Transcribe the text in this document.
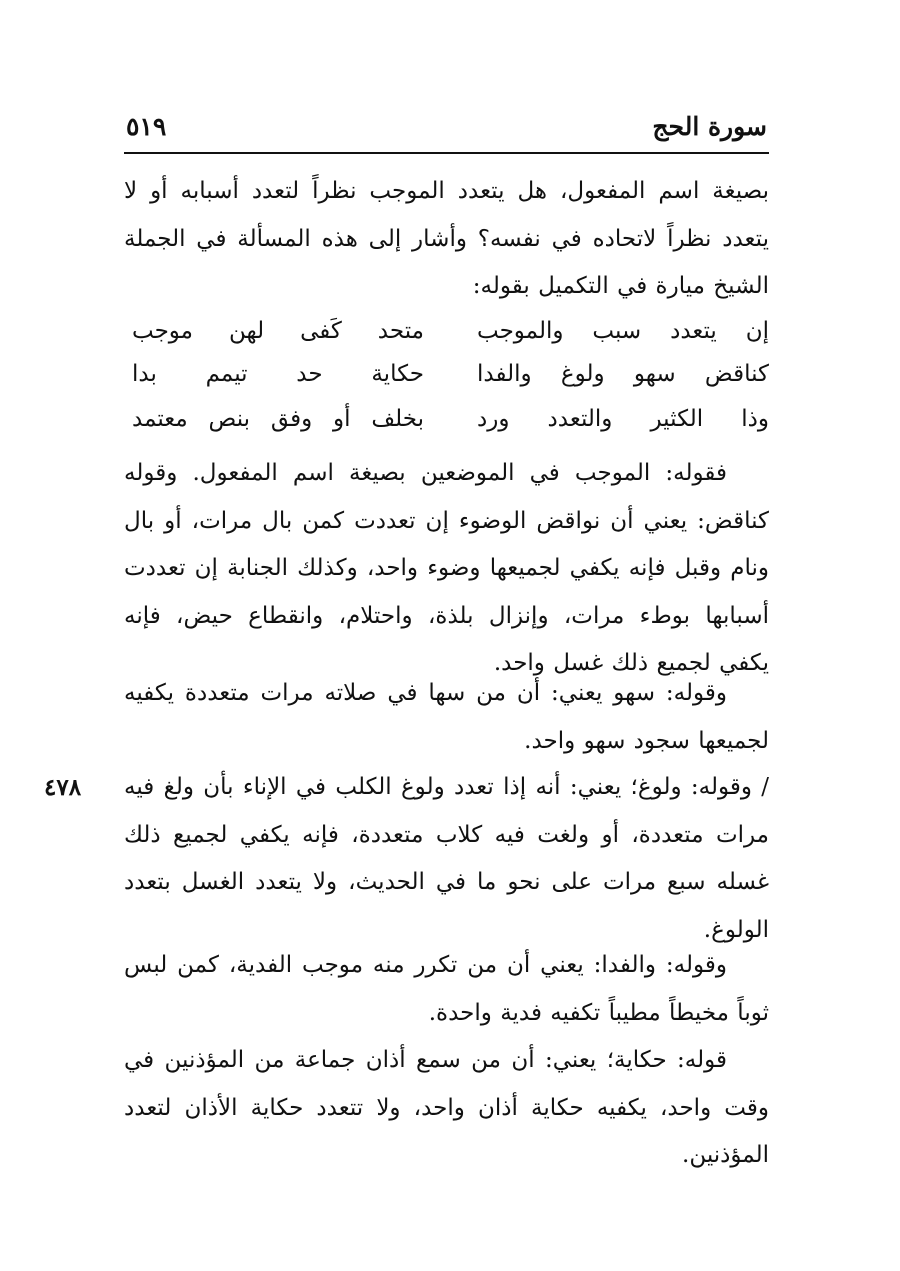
سورة الحج
٥١٩
بصيغة اسم المفعول، هل يتعدد الموجب نظراً لتعدد أسبابه أو لا يتعدد نظراً لاتحاده في نفسه؟ وأشار إلى هذه المسألة في الجملة الشيخ ميارة في التكميل بقوله:
إن يتعدد سبب والموجب
متحد كَفى لهن موجب
كناقض سهو ولوغ والفدا
حكاية حد تيمم بدا
وذا الكثير والتعدد ورد
بخلف أو وفق بنص معتمد
فقوله: الموجب في الموضعين بصيغة اسم المفعول. وقوله كناقض: يعني أن نواقض الوضوء إن تعددت كمن بال مرات، أو بال ونام وقبل فإنه يكفي لجميعها وضوء واحد، وكذلك الجنابة إن تعددت أسبابها بوطء مرات، وإنزال بلذة، واحتلام، وانقطاع حيض، فإنه يكفي لجميع ذلك غسل واحد.
وقوله: سهو يعني: أن من سها في صلاته مرات متعددة يكفيه لجميعها سجود سهو واحد.
/ وقوله: ولوغ؛ يعني: أنه إذا تعدد ولوغ الكلب في الإناء بأن ولغ فيه مرات متعددة، أو ولغت فيه كلاب متعددة، فإنه يكفي لجميع ذلك غسله سبع مرات على نحو ما في الحديث، ولا يتعدد الغسل بتعدد الولوغ.
وقوله: والفدا: يعني أن من تكرر منه موجب الفدية، كمن لبس ثوباً مخيطاً مطيباً تكفيه فدية واحدة.
قوله: حكاية؛ يعني: أن من سمع أذان جماعة من المؤذنين في وقت واحد، يكفيه حكاية أذان واحد، ولا تتعدد حكاية الأذان لتعدد المؤذنين.
٤٧٨
